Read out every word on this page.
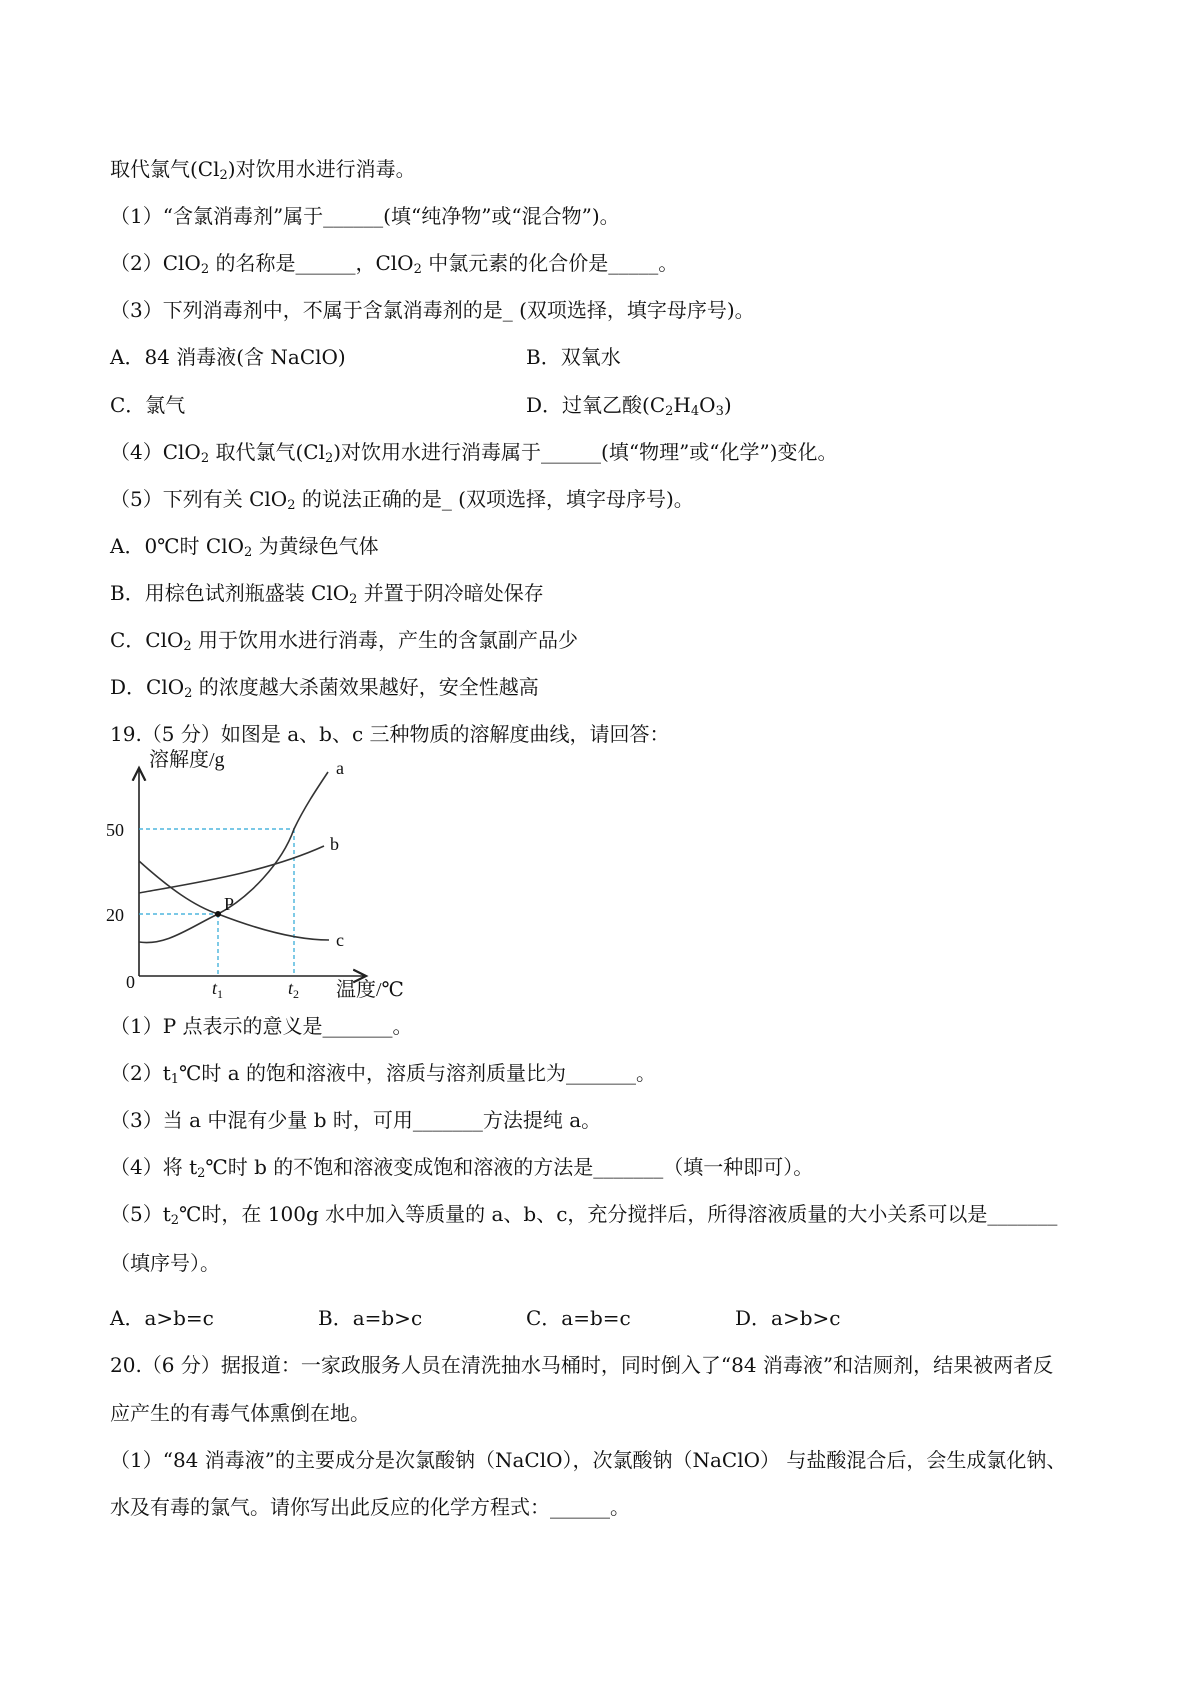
取代氯气$(Cl_2)$对饮用水进行消毒。
（1）“含氯消毒剂”属于______(填“纯净物”或“混合物”)。
（2）ClO$_2$ 的名称是______，ClO$_2$ 中氯元素的化合价是_____。
（3）下列消毒剂中，不属于含氯消毒剂的是_ (双项选择，填字母序号)。
A．84 消毒液(含 NaClO)	B．双氧水
C．氯气	D．过氧乙酸$(C_2H_4O_3)$
（4）ClO$_2$ 取代氯气$(Cl_2)$对饮用水进行消毒属于______(填“物理”或“化学”)变化。
（5）下列有关 ClO$_2$ 的说法正确的是_ (双项选择，填字母序号)。
A．0℃时 ClO$_2$ 为黄绿色气体
B．用棕色试剂瓶盛装 ClO$_2$ 并置于阴冷暗处保存
C．ClO$_2$ 用于饮用水进行消毒，产生的含氯副产品少
D．ClO$_2$ 的浓度越大杀菌效果越好，安全性越高
19.（5 分）如图是 a、b、c 三种物质的溶解度曲线，请回答：
溶解度/g
温度/℃
0
50
20
$t_1$	$t_2$
a
b
c
P
（1）P 点表示的意义是_______。
$(2)t_1℃$时 a 的饱和溶液中，溶质与溶剂质量比为_______。
（3）当 a 中混有少量 b 时，可用_______方法提纯 a。
（4）将 $t_2℃$时 b 的不饱和溶液变成饱和溶液的方法是_______（填一种即可）。
$(5)t_2℃$时，在 100g 水中加入等质量的 a、b、c，充分搅拌后，所得溶液质量的大小关系可以是_______
（填序号）。
A．a>b=c	B．a=b>c	C．a=b=c	D．a>b>c
20.（6 分）据报道：一家政服务人员在清洗抽水马桶时，同时倒入了“84 消毒液”和洁厕剂，结果被两者反
应产生的有毒气体熏倒在地。
（1）“84 消毒液”的主要成分是次氯酸钠（NaClO），次氯酸钠（NaClO） 与盐酸混合后，会生成氯化钠、
水及有毒的氯气。请你写出此反应的化学方程式：______。
